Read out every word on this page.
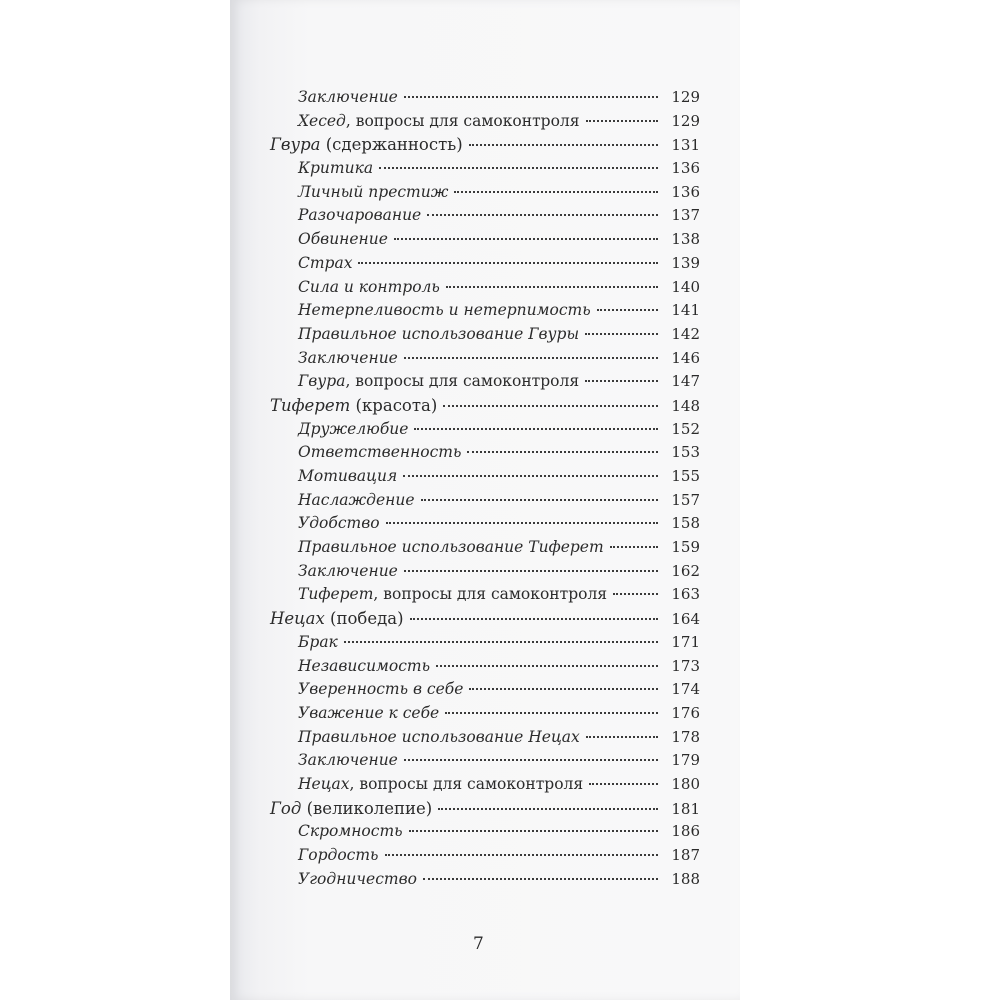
Заключение	129
Хесед, вопросы для самоконтроля	129
Гвура (сдержанность)	131
Критика	136
Личный престиж	136
Разочарование	137
Обвинение	138
Страх	139
Сила и контроль	140
Нетерпеливость и нетерпимость	141
Правильное использование Гвуры	142
Заключение	146
Гвура, вопросы для самоконтроля	147
Тиферет (красота)	148
Дружелюбие	152
Ответственность	153
Мотивация	155
Наслаждение	157
Удобство	158
Правильное использование Тиферет	159
Заключение	162
Тиферет, вопросы для самоконтроля	163
Нецах (победа)	164
Брак	171
Независимость	173
Уверенность в себе	174
Уважение к себе	176
Правильное использование Нецах	178
Заключение	179
Нецах, вопросы для самоконтроля	180
Год (великолепие)	181
Скромность	186
Гордость	187
Угодничество	188
7
